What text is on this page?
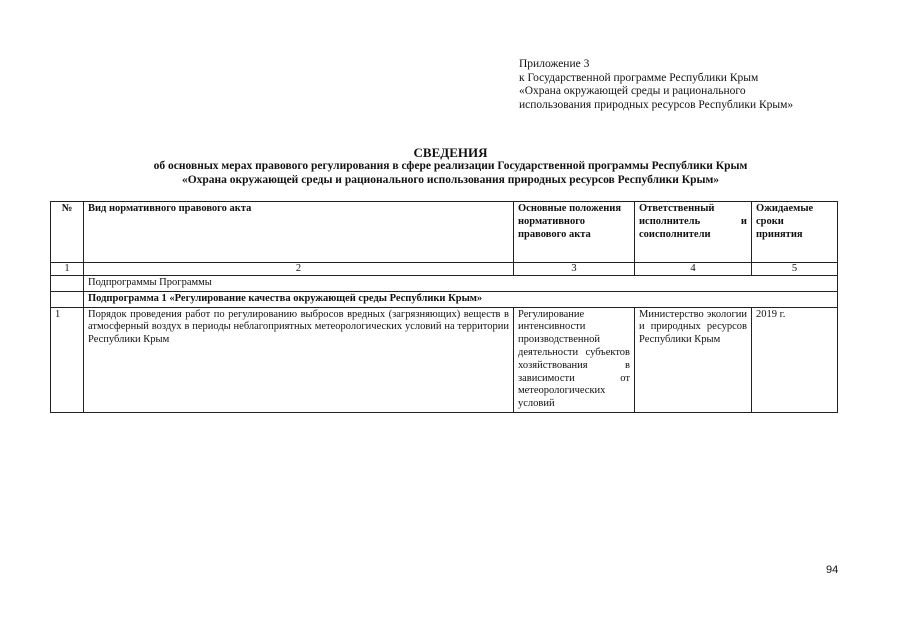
Приложение 3
к Государственной программе Республики Крым
«Охрана окружающей среды и рационального
использования природных ресурсов Республики Крым»
СВЕДЕНИЯ
об основных мерах правового регулирования в сфере реализации Государственной программы Республики Крым
«Охрана окружающей среды и рационального использования природных ресурсов Республики Крым»
№	Вид нормативного правового акта	Основные положения нормативного правового акта	Ответственный исполнитель и соисполнители	Ожидаемые сроки принятия
1	2	3	4	5
	Подпрограммы Программы			
	Подпрограмма 1 «Регулирование качества окружающей среды Республики Крым»			
1	Порядок проведения работ по регулированию выбросов вредных (загрязняющих) веществ в атмосферный воздух в периоды неблагоприятных метеорологических условий на территории Республики Крым	Регулирование интенсивности производственной деятельности субъектов хозяйствования в зависимости от метеорологических условий	Министерство экологии и природных ресурсов Республики Крым	2019 г.
94
